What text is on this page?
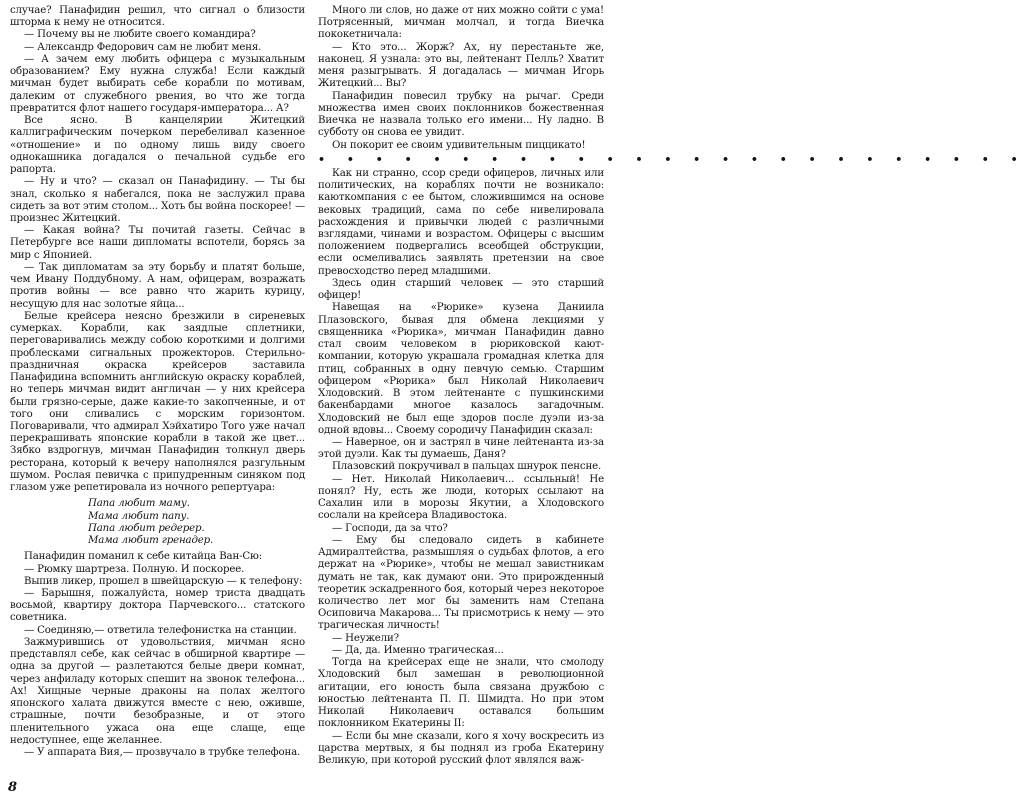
случае? Панафидин решил, что сигнал о близости шторма к нему не относится.

— Почему вы не любите своего командира?

— Александр Федорович сам не любит меня.

— А зачем ему любить офицера с музыкальным образованием? Ему нужна служба! Если каждый мичман будет выбирать себе корабли по мотивам, далеким от служебного рвения, во что же тогда превратится флот нашего государя-императора... А?

Все ясно. В канцелярии Житецкий каллиграфическим почерком перебеливал казенное «отношение» и по одному лишь виду своего однокашника догадался о печальной судьбе его рапорта.

— Ну и что? — сказал он Панафидину. — Ты бы знал, сколько я набегался, пока не заслужил права сидеть за вот этим столом... Хоть бы война поскорее! — произнес Житецкий.

— Какая война? Ты почитай газеты. Сейчас в Петербурге все наши дипломаты вспотели, борясь за мир с Японией.

— Так дипломатам за эту борьбу и платят больше, чем Ивану Поддубному. А нам, офицерам, возражать против войны — все равно что жарить курицу, несущую для нас золотые яйца...

Белые крейсера неясно брезжили в сиреневых сумерках. Корабли, как заядлые сплетники, переговаривались между собою короткими и долгими проблесками сигнальных прожекторов. Стерильно-праздничная окраска крейсеров заставила Панафидина вспомнить английскую окраску кораблей, но теперь мичман видит англичан — у них крейсера были грязно-серые, даже какие-то закопченные, и от того они сливались с морским горизонтом. Поговаривали, что адмирал Хэйхатиро Того уже начал перекрашивать японские корабли в такой же цвет... Зябко вздрогнув, мичман Панафидин толкнул дверь ресторана, который к вечеру наполнялся разгульным шумом. Рослая певичка с припудренным синяком под глазом уже репетировала из ночного репертуара:

Папа любит маму.
Мама любит папу.
Папа любит редерер.
Мама любит гренадер.

Панафидин поманил к себе китайца Ван-Сю:

— Рюмку шартреза. Полную. И поскорее.

Выпив ликер, прошел в швейцарскую — к телефону:

— Барышня, пожалуйста, номер триста двадцать восьмой, квартиру доктора Парчевского... статского советника.

— Соединяю,— ответила телефонистка на станции.

Зажмурившись от удовольствия, мичман ясно представлял себе, как сейчас в обширной квартире — одна за другой — разлетаются белые двери комнат, через анфиладу которых спешит на звонок телефона... Ах! Хищные черные драконы на полах желтого японского халата движутся вместе с нею, оживше, страшные, почти безобразные, и от этого пленительного ужаса она еще слаще, еще недоступнее, еще желаннее.

— У аппарата Вия,— прозвучало в трубке телефона.

Много ли слов, но даже от них можно сойти с ума! Потрясенный, мичман молчал, и тогда Виечка пококетничала:

— Кто это... Жорж? Ах, ну перестаньте же, наконец. Я узнала: это вы, лейтенант Пелль? Хватит меня разыгрывать. Я догадалась — мичман Игорь Житецкий... Вы?

Панафидин повесил трубку на рычаг. Среди множества имен своих поклонников божественная Виечка не назвала только его имени... Ну ладно. В субботу он снова ее увидит.

Он покорит ее своим удивительным пиццикато!

• • • • • • • • • • • • • • • • • • • • • • • • •

Как ни странно, ссор среди офицеров, личных или политических, на кораблях почти не возникало: каюткомпания с ее бытом, сложившимся на основе вековых традиций, сама по себе нивелировала расхождения и привычки людей с различными взглядами, чинами и возрастом. Офицеры с высшим положением подвергались всеобщей обструкции, если осмеливались заявлять претензии на свое превосходство перед младшими.

Здесь один старший человек — это старший офицер!

Навещая на «Рюрике» кузена Даниила Плазовского, бывая для обмена лекциями у священника «Рюрика», мичман Панафидин давно стал своим человеком в рюриковской кают-компании, которую украшала громадная клетка для птиц, собранных в одну певчую семью. Старшим офицером «Рюрика» был Николай Николаевич Хлодовский. В этом лейтенанте с пушкинскими бакенбардами многое казалось загадочным. Хлодовский не был еще здоров после дуэли из-за одной вдовы... Своему сородичу Панафидин сказал:

— Наверное, он и застрял в чине лейтенанта из-за этой дуэли. Как ты думаешь, Даня?

Плазовский покручивал в пальцах шнурок пенсне.

— Нет. Николай Николаевич... ссыльный! Не понял? Ну, есть же люди, которых ссылают на Сахалин или в морозы Якутии, а Хлодовского сослали на крейсера Владивостока.

— Господи, да за что?

— Ему бы следовало сидеть в кабинете Адмиралтейства, размышляя о судьбах флотов, а его держат на «Рюрике», чтобы не мешал завистникам думать не так, как думают они. Это прирожденный теоретик эскадренного боя, который через некоторое количество лет мог бы заменить нам Степана Осиповича Макарова... Ты присмотрись к нему — это трагическая личность!

— Неужели?

— Да, да. Именно трагическая...

Тогда на крейсерах еще не знали, что смолоду Хлодовский был замешан в революционной агитации, его юность была связана дружбою с юностью лейтенанта П. П. Шмидта. Но при этом Николай Николаевич оставался большим поклонником Екатерины II:

— Если бы мне сказали, кого я хочу воскресить из царства мертвых, я бы поднял из гроба Екатерину Великую, при которой русский флот являлся важ-

8
